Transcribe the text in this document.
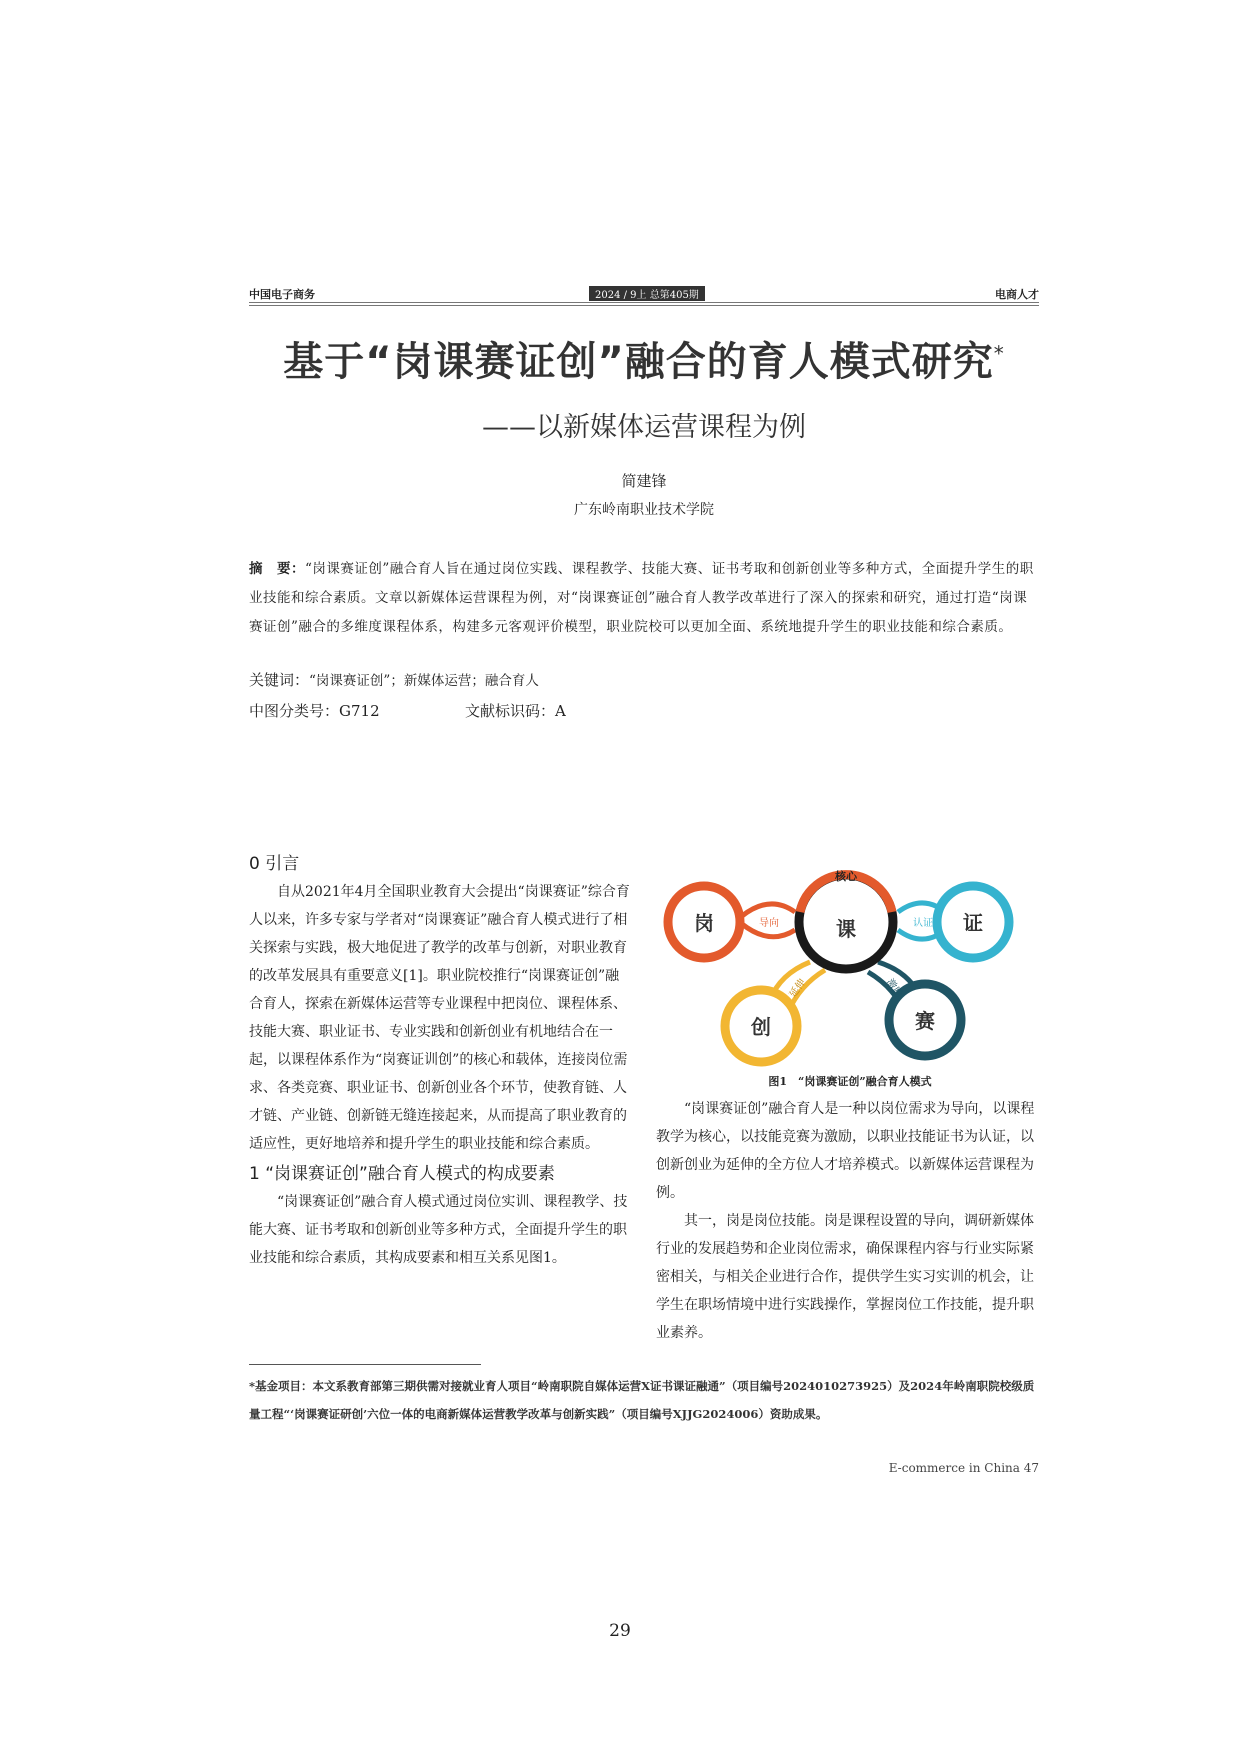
中国电子商务	2024 / 9上 总第405期	电商人才
基于“岗课赛证创”融合的育人模式研究*
——以新媒体运营课程为例
简建锋
广东岭南职业技术学院
摘　要：“岗课赛证创”融合育人旨在通过岗位实践、课程教学、技能大赛、证书考取和创新创业等多种方式，全面提升学生的职业技能和综合素质。文章以新媒体运营课程为例，对“岗课赛证创”融合育人教学改革进行了深入的探索和研究，通过打造“岗课赛证创”融合的多维度课程体系，构建多元客观评价模型，职业院校可以更加全面、系统地提升学生的职业技能和综合素质。
关键词：“岗课赛证创”；新媒体运营；融合育人
中图分类号：G712	文献标识码：A
0 引言
自从2021年4月全国职业教育大会提出“岗课赛证”综合育人以来，许多专家与学者对“岗课赛证”融合育人模式进行了相关探索与实践，极大地促进了教学的改革与创新，对职业教育的改革发展具有重要意义[1]。职业院校推行“岗课赛证创”融合育人，探索在新媒体运营等专业课程中把岗位、课程体系、技能大赛、职业证书、专业实践和创新创业有机地结合在一起，以课程体系作为“岗赛证训创”的核心和载体，连接岗位需求、各类竞赛、职业证书、创新创业各个环节，使教育链、人才链、产业链、创新链无缝连接起来，从而提高了职业教育的适应性，更好地培养和提升学生的职业技能和综合素质。
1 “岗课赛证创”融合育人模式的构成要素
“岗课赛证创”融合育人模式通过岗位实训、课程教学、技能大赛、证书考取和创新创业等多种方式，全面提升学生的职业技能和综合素质，其构成要素和相互关系见图1。
岗
核心
课	证
创	赛
导向	认证
延伸	激励
图1　“岗课赛证创”融合育人模式
“岗课赛证创”融合育人是一种以岗位需求为导向，以课程教学为核心，以技能竞赛为激励，以职业技能证书为认证，以创新创业为延伸的全方位人才培养模式。以新媒体运营课程为例。
其一，岗是岗位技能。岗是课程设置的导向，调研新媒体行业的发展趋势和企业岗位需求，确保课程内容与行业实际紧密相关，与相关企业进行合作，提供学生实习实训的机会，让学生在职场情境中进行实践操作，掌握岗位工作技能，提升职业素养。
*基金项目：本文系教育部第三期供需对接就业育人项目“岭南职院自媒体运营X证书课证融通”（项目编号20240102739​25）及2024年岭南职院校级质量工程“‘岗课赛证研创’六位一体的电商新媒体运营教学改革与创新实践”（项目编号XJJG2024006）资助成果。
E-commerce in China 47
29
